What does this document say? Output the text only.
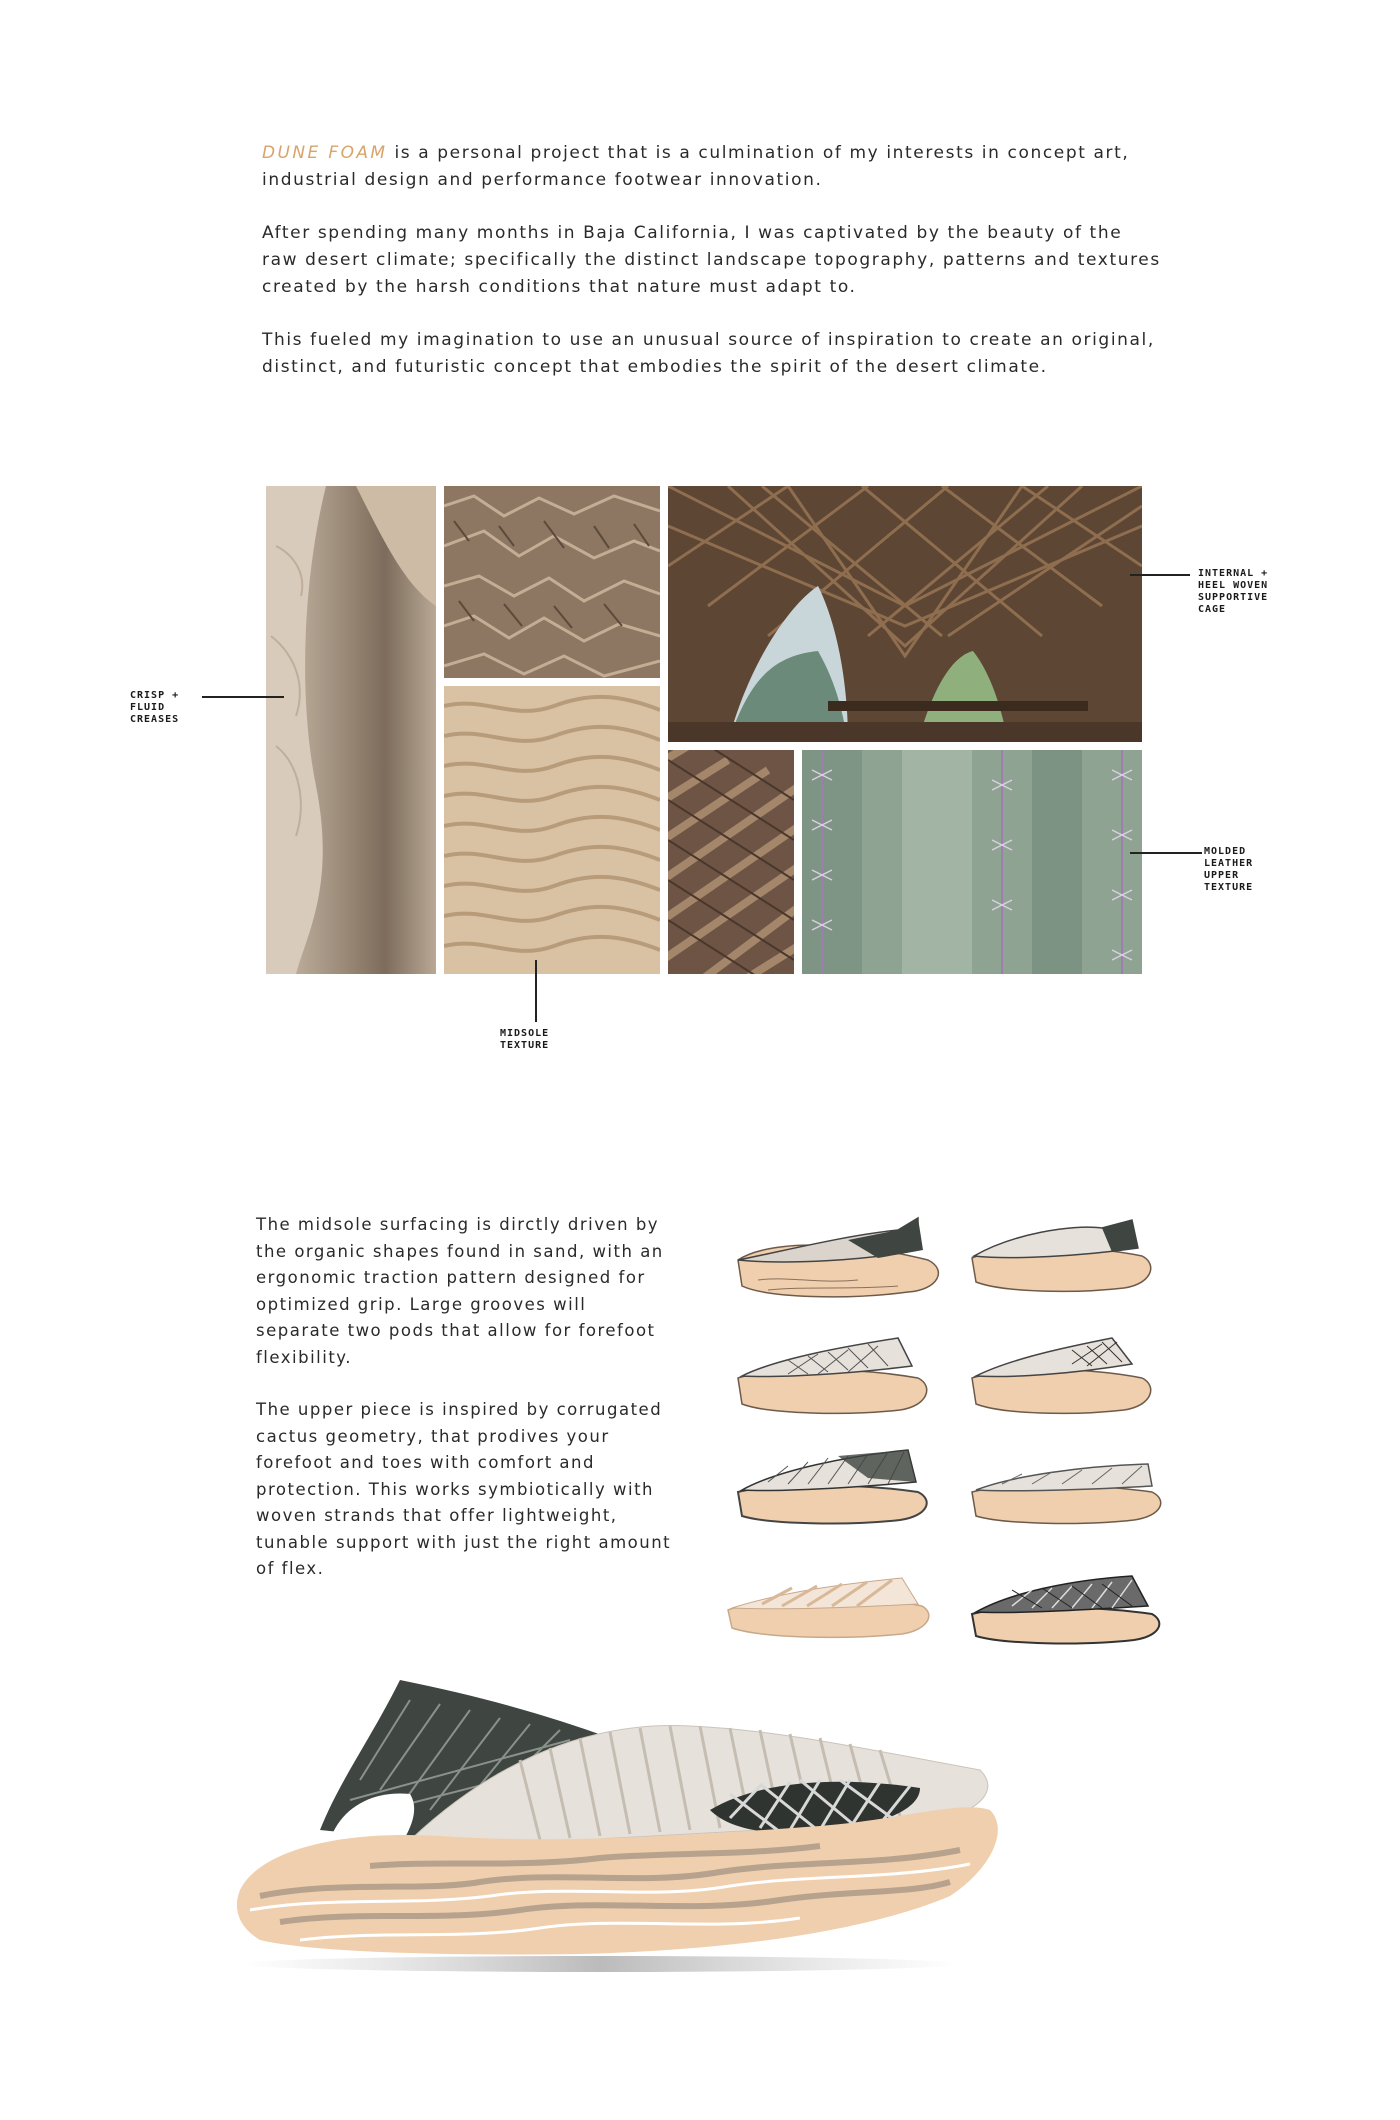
DUNE FOAM is a personal project that is a culmination of my interests in concept art, industrial design and performance footwear innovation.

After spending many months in Baja California, I was captivated by the beauty of the raw desert climate; specifically the distinct landscape topography, patterns and textures created by the harsh conditions that nature must adapt to.

This fueled my imagination to use an unusual source of inspiration to create an original, distinct, and futuristic concept that embodies the spirit of the desert climate.

CRISP +
FLUID
CREASES
MIDSOLE
TEXTURE
INTERNAL +
HEEL WOVEN
SUPPORTIVE
CAGE
MOLDED
LEATHER
UPPER
TEXTURE

The midsole surfacing is dirctly driven by the organic shapes found in sand, with an ergonomic traction pattern designed for optimized grip. Large grooves will separate two pods that allow for forefoot flexibility.

The upper piece is inspired by corrugated cactus geometry, that prodives your forefoot and toes with comfort and protection. This works symbiotically with woven strands that offer lightweight, tunable support with just the right amount of flex.
